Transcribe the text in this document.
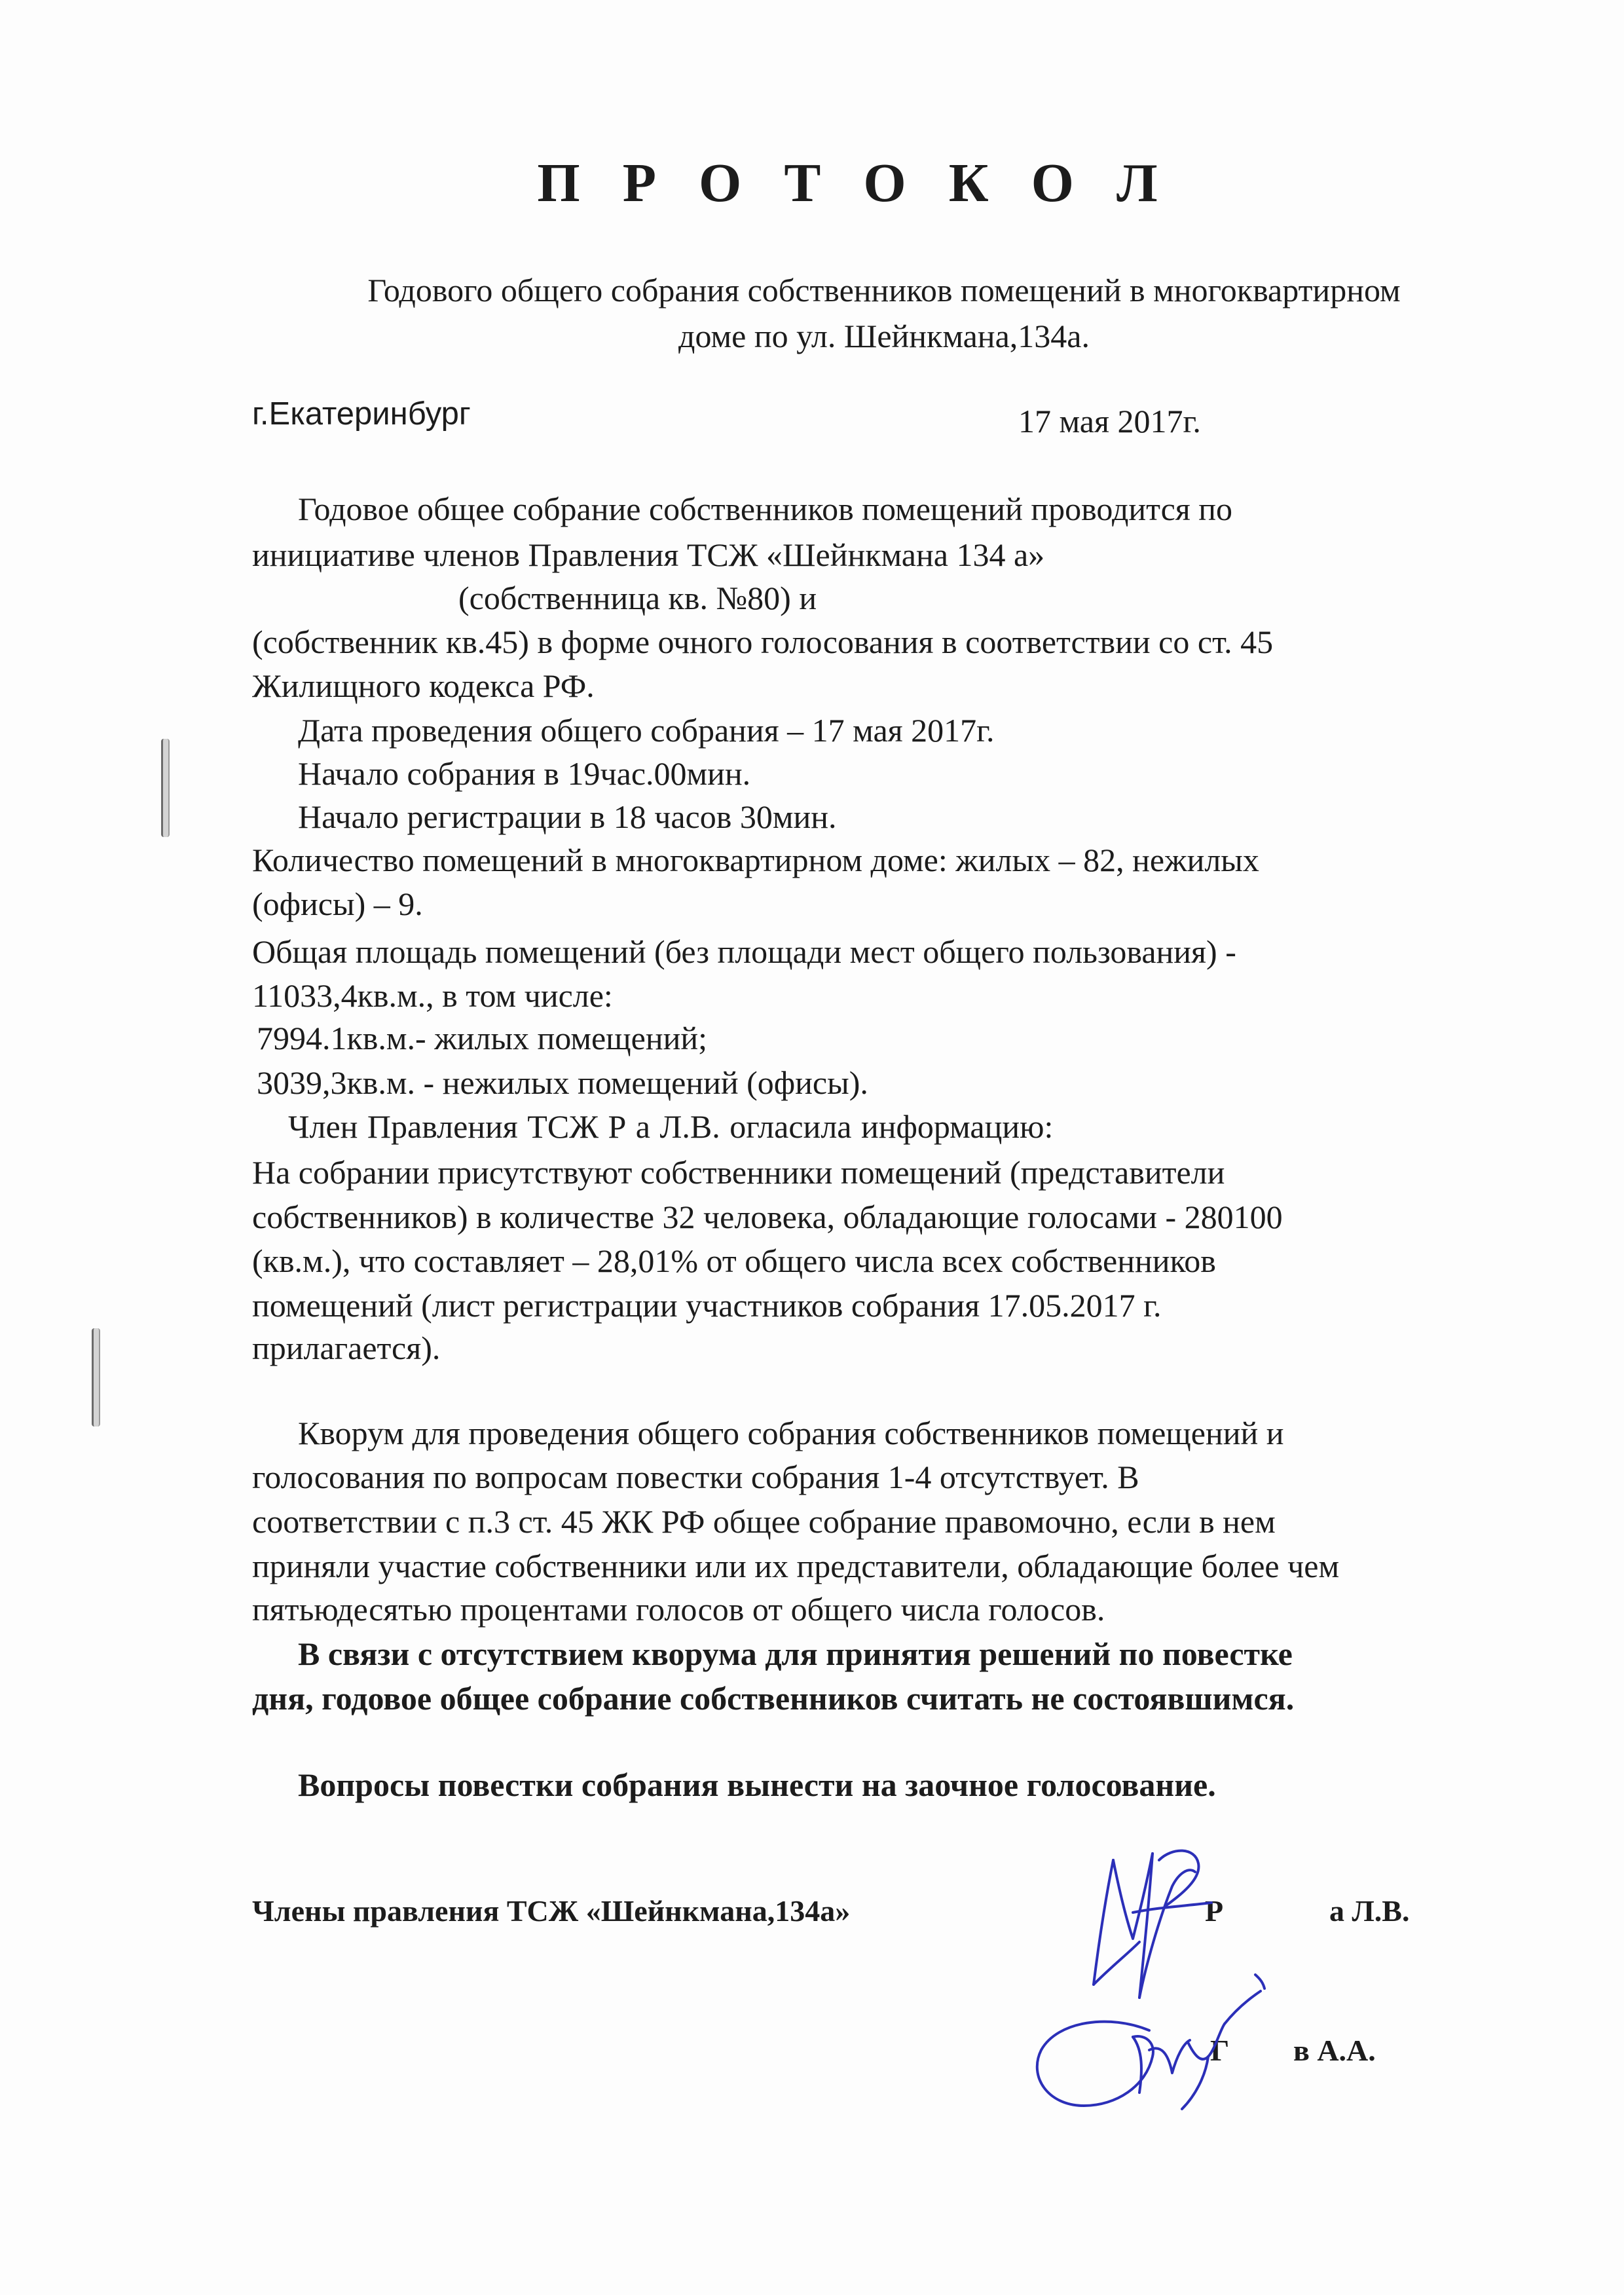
П Р О Т О К О Л
Годового общего собрания собственников помещений в многоквартирном
доме по ул. Шейнкмана,134а.
г.Екатеринбург	17 мая 2017г.
Годовое общее собрание собственников помещений проводится по
инициативе членов Правления ТСЖ «Шейнкмана 134 а»
(собственница кв. №80) и
(собственник кв.45) в форме очного голосования в соответствии со ст. 45
Жилищного кодекса РФ.
Дата проведения общего собрания – 17 мая 2017г.
Начало собрания в 19час.00мин.
Начало регистрации в 18 часов 30мин.
Количество помещений в многоквартирном доме: жилых – 82, нежилых
(офисы) – 9.
Общая площадь помещений (без площади мест общего пользования) -
11033,4кв.м., в том числе:
7994.1кв.м.- жилых помещений;
3039,3кв.м. - нежилых помещений (офисы).
Член Правления ТСЖ Р а Л.В. огласила информацию:
На собрании присутствуют собственники помещений (представители
собственников) в количестве 32 человека, обладающие голосами - 280100
(кв.м.), что составляет – 28,01% от общего числа всех собственников
помещений (лист регистрации участников собрания 17.05.2017 г.
прилагается).
Кворум для проведения общего собрания собственников помещений и
голосования по вопросам повестки собрания 1-4 отсутствует. В
соответствии с п.3 ст. 45 ЖК РФ общее собрание правомочно, если в нем
приняли участие собственники или их представители, обладающие более чем
пятьюдесятью процентами голосов от общего числа голосов.
В связи с отсутствием кворума для принятия решений по повестке
дня, годовое общее собрание собственников считать не состоявшимся.
Вопросы повестки собрания вынести на заочное голосование.
Члены правления ТСЖ «Шейнкмана,134а»	Р	а Л.В.
Г в А.А.
